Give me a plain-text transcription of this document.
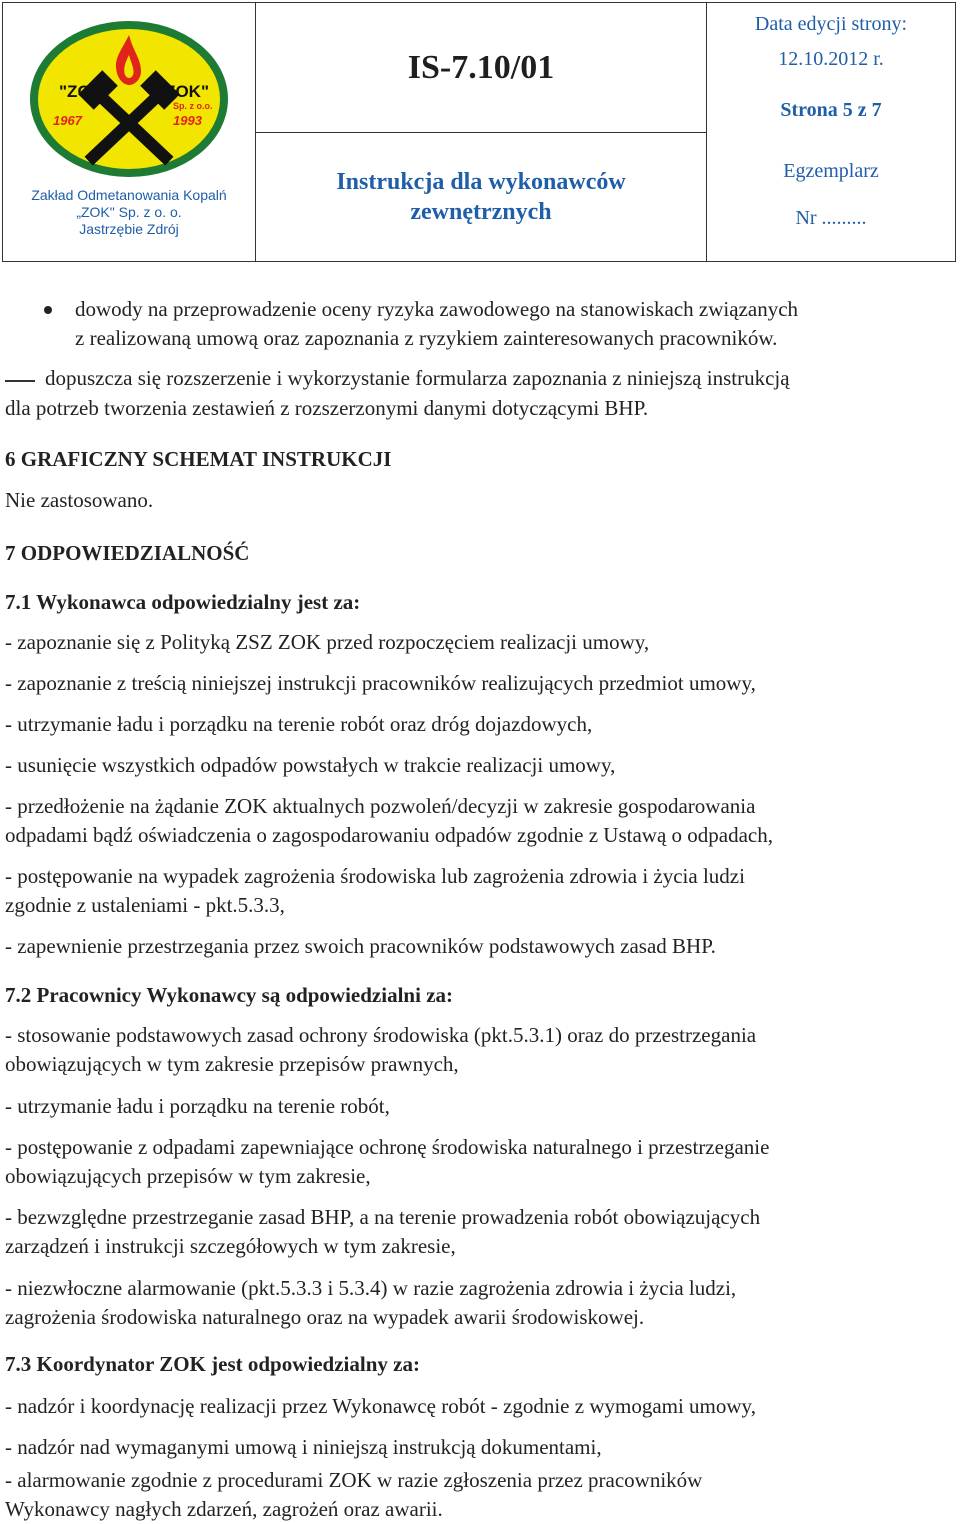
"ZOK"
1967
"ZOK"
Sp. z o.o.
1993
Zakład Odmetanowania Kopalń
„ZOK" Sp. z o. o.
Jastrzębie Zdrój
IS-7.10/01
Instrukcja dla wykonawców
zewnętrznych
Data edycji strony:
12.10.2012 r.
Strona 5 z 7
Egzemplarz
Nr .........
dowody na przeprowadzenie oceny ryzyka zawodowego na stanowiskach związanych
z realizowaną umową oraz zapoznania z ryzykiem zainteresowanych pracowników.
dopuszcza się rozszerzenie i wykorzystanie formularza zapoznania z niniejszą instrukcją
dla potrzeb tworzenia zestawień z rozszerzonymi danymi dotyczącymi BHP.
6 GRAFICZNY SCHEMAT INSTRUKCJI
Nie zastosowano.
7 ODPOWIEDZIALNOŚĆ
7.1 Wykonawca odpowiedzialny jest za:
- zapoznanie się z Polityką ZSZ ZOK przed rozpoczęciem realizacji umowy,
- zapoznanie z treścią niniejszej instrukcji pracowników realizujących przedmiot umowy,
- utrzymanie ładu i porządku na terenie robót oraz dróg dojazdowych,
- usunięcie wszystkich odpadów powstałych w trakcie realizacji umowy,
- przedłożenie na żądanie ZOK aktualnych pozwoleń/decyzji w zakresie gospodarowania
odpadami bądź oświadczenia o zagospodarowaniu odpadów zgodnie z Ustawą o odpadach,
- postępowanie na wypadek zagrożenia środowiska lub zagrożenia zdrowia i życia ludzi
zgodnie z ustaleniami - pkt.5.3.3,
- zapewnienie przestrzegania przez swoich pracowników podstawowych zasad BHP.
7.2 Pracownicy Wykonawcy są odpowiedzialni za:
- stosowanie podstawowych zasad ochrony środowiska (pkt.5.3.1) oraz do przestrzegania
obowiązujących w tym zakresie przepisów prawnych,
- utrzymanie ładu i porządku na terenie robót,
- postępowanie z odpadami zapewniające ochronę środowiska naturalnego i przestrzeganie
obowiązujących przepisów w tym zakresie,
- bezwzględne przestrzeganie zasad BHP, a na terenie prowadzenia robót obowiązujących
zarządzeń i instrukcji szczegółowych w tym zakresie,
- niezwłoczne alarmowanie (pkt.5.3.3 i 5.3.4) w razie zagrożenia zdrowia i życia ludzi,
zagrożenia środowiska naturalnego oraz na wypadek awarii środowiskowej.
7.3 Koordynator ZOK jest odpowiedzialny za:
- nadzór i koordynację realizacji przez Wykonawcę robót - zgodnie z wymogami umowy,
- nadzór nad wymaganymi umową i niniejszą instrukcją dokumentami,
- alarmowanie zgodnie z procedurami ZOK w razie zgłoszenia przez pracowników
Wykonawcy nagłych zdarzeń, zagrożeń oraz awarii.
